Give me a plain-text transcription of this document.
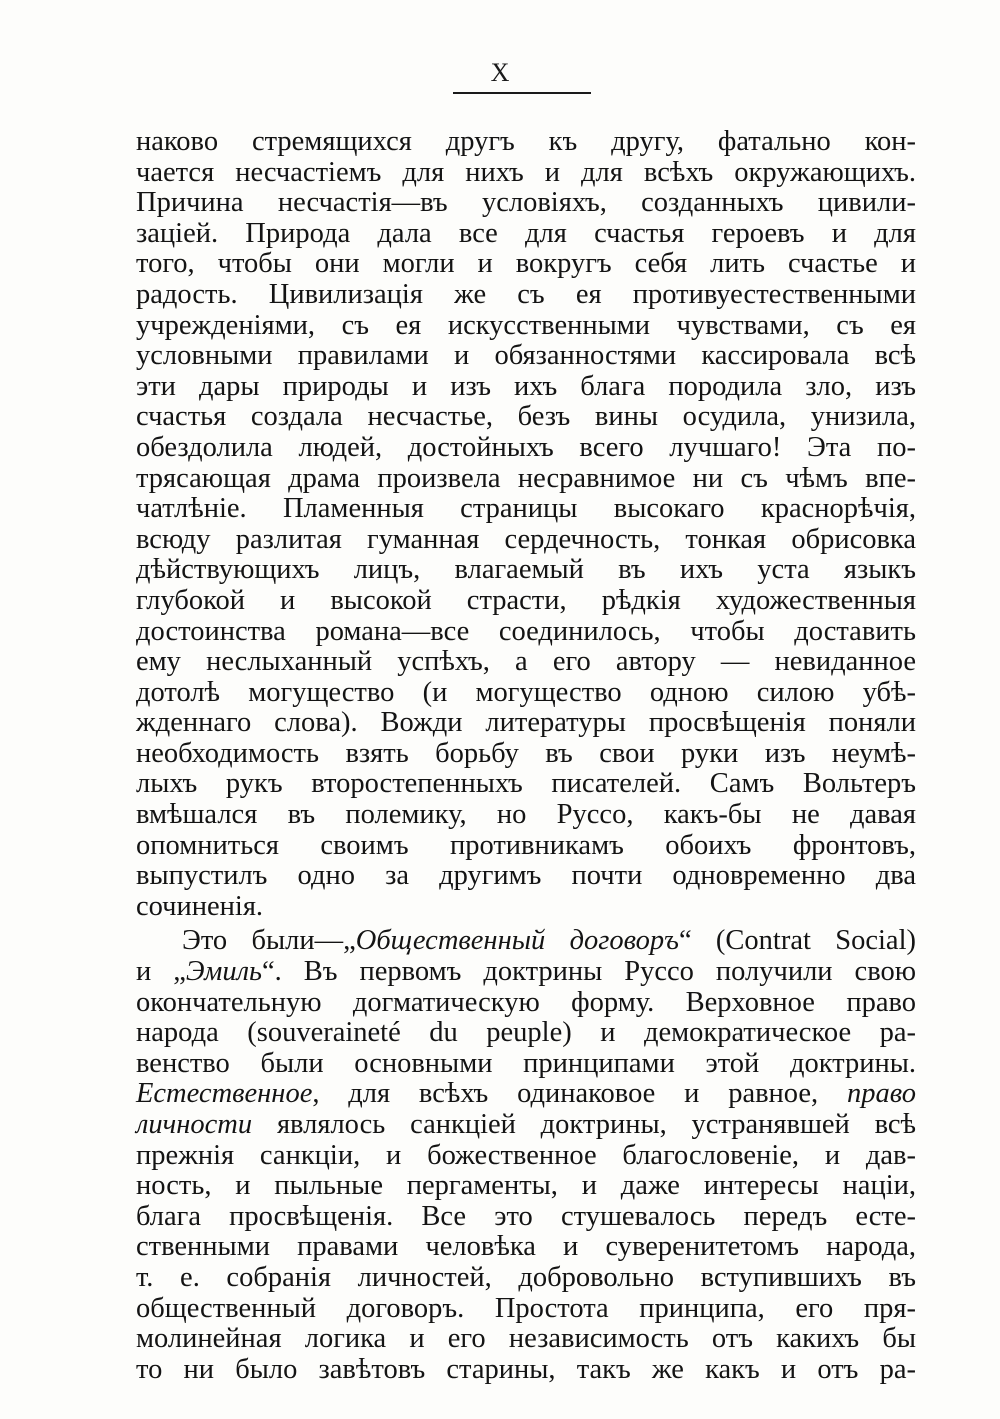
X
наково стремящихся другъ къ другу, фатально кон-
чается несчастіемъ для нихъ и для всѣхъ окружающихъ.
Причина несчастія—въ условіяхъ, созданныхъ цивили-
заціей. Природа дала все для счастья героевъ и для
того, чтобы они могли и вокругъ себя лить счастье и
радость. Цивилизація же съ ея противуестественными
учрежденіями, съ ея искусственными чувствами, съ ея
условными правилами и обязанностями кассировала всѣ
эти дары природы и изъ ихъ блага породила зло, изъ
счастья создала несчастье, безъ вины осудила, унизила,
обездолила людей, достойныхъ всего лучшаго! Эта по-
трясающая драма произвела несравнимое ни съ чѣмъ впе-
чатлѣніе. Пламенныя страницы высокаго краснорѣчія,
всюду разлитая гуманная сердечность, тонкая обрисовка
дѣйствующихъ лицъ, влагаемый въ ихъ уста языкъ
глубокой и высокой страсти, рѣдкія художественныя
достоинства романа—все соединилось, чтобы доставить
ему неслыханный успѣхъ, а его автору — невиданное
дотолѣ могущество (и могущество одною силою убѣ-
жденнаго слова). Вожди литературы просвѣщенія поняли
необходимость взять борьбу въ свои руки изъ неумѣ-
лыхъ рукъ второстепенныхъ писателей. Самъ Вольтеръ
вмѣшался въ полемику, но Руссо, какъ-бы не давая
опомниться своимъ противникамъ обоихъ фронтовъ,
выпустилъ одно за другимъ почти одновременно два
сочиненія.
Это были—„Общественный договоръ“ (Contrat Social)
и „Эмиль“. Въ первомъ доктрины Руссо получили свою
окончательную догматическую форму. Верховное право
народа (souveraineté du peuple) и демократическое ра-
венство были основными принципами этой доктрины.
Естественное, для всѣхъ одинаковое и равное, право
личности являлось санкціей доктрины, устранявшей всѣ
прежнія санкціи, и божественное благословеніе, и дав-
ность, и пыльные пергаменты, и даже интересы націи,
блага просвѣщенія. Все это стушевалось передъ есте-
ственными правами человѣка и суверенитетомъ народа,
т. е. собранія личностей, добровольно вступившихъ въ
общественный договоръ. Простота принципа, его пря-
молинейная логика и его независимость отъ какихъ бы
то ни было завѣтовъ старины, такъ же какъ и отъ ра-
